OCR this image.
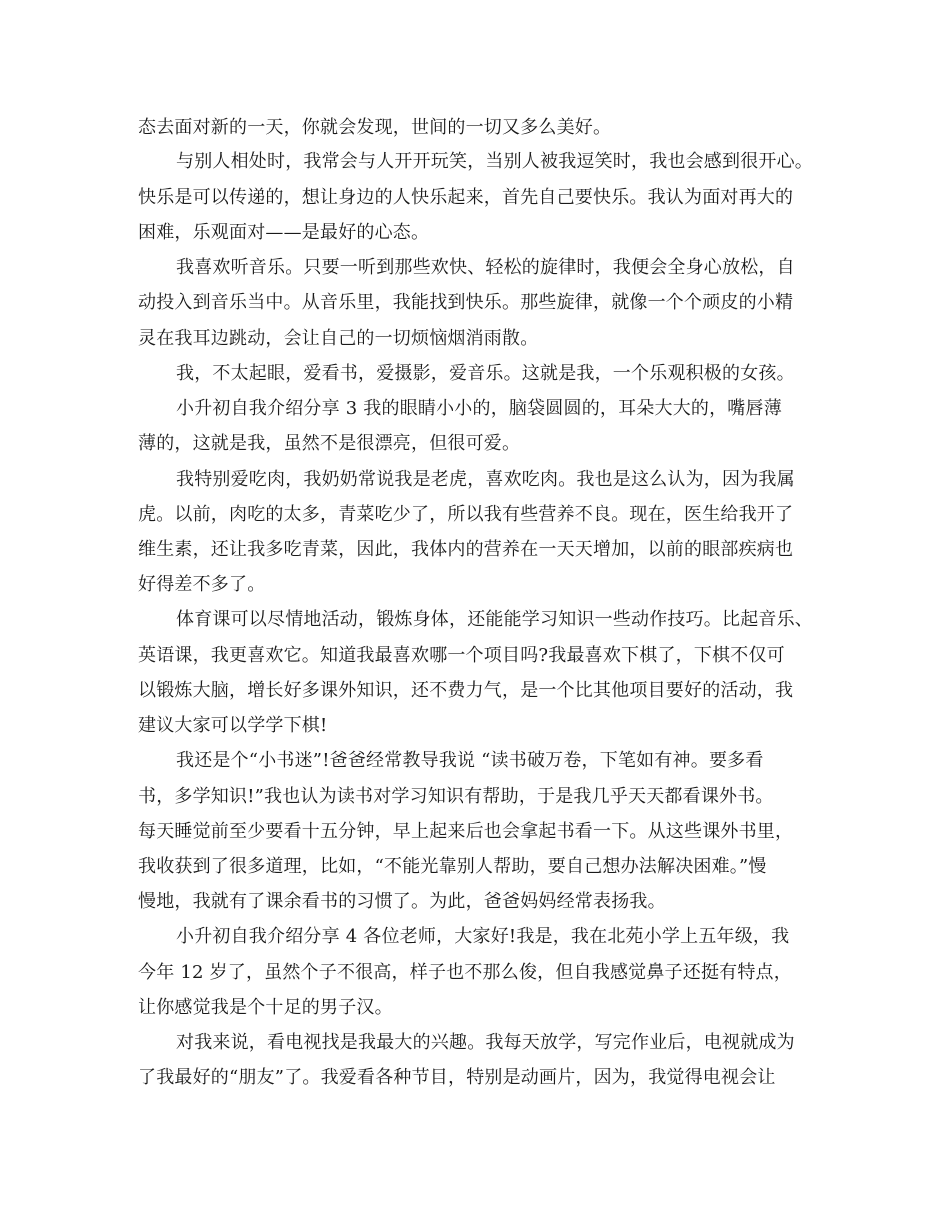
态去面对新的一天，你就会发现，世间的一切又多么美好。
与别人相处时，我常会与人开开玩笑，当别人被我逗笑时，我也会感到很开心。
快乐是可以传递的，想让身边的人快乐起来，首先自己要快乐。我认为面对再大的
困难，乐观面对——是最好的心态。
我喜欢听音乐。只要一听到那些欢快、轻松的旋律时，我便会全身心放松，自
动投入到音乐当中。从音乐里，我能找到快乐。那些旋律，就像一个个顽皮的小精
灵在我耳边跳动，会让自己的一切烦恼烟消雨散。
我，不太起眼，爱看书，爱摄影，爱音乐。这就是我，一个乐观积极的女孩。
小升初自我介绍分享 3 我的眼睛小小的，脑袋圆圆的，耳朵大大的，嘴唇薄
薄的，这就是我，虽然不是很漂亮，但很可爱。
我特别爱吃肉，我奶奶常说我是老虎，喜欢吃肉。我也是这么认为，因为我属
虎。以前，肉吃的太多，青菜吃少了，所以我有些营养不良。现在，医生给我开了
维生素，还让我多吃青菜，因此，我体内的营养在一天天增加，以前的眼部疾病也
好得差不多了。
体育课可以尽情地活动，锻炼身体，还能能学习知识一些动作技巧。比起音乐、
英语课，我更喜欢它。知道我最喜欢哪一个项目吗?我最喜欢下棋了，下棋不仅可
以锻炼大脑，增长好多课外知识，还不费力气，是一个比其他项目要好的活动，我
建议大家可以学学下棋!
我还是个“小书迷”!爸爸经常教导我说 “读书破万卷，下笔如有神。要多看
书，多学知识!”我也认为读书对学习知识有帮助，于是我几乎天天都看课外书。
每天睡觉前至少要看十五分钟，早上起来后也会拿起书看一下。从这些课外书里，
我收获到了很多道理，比如，“不能光靠别人帮助，要自己想办法解决困难。”慢
慢地，我就有了课余看书的习惯了。为此，爸爸妈妈经常表扬我。
小升初自我介绍分享 4 各位老师，大家好!我是，我在北苑小学上五年级，我
今年 12 岁了，虽然个子不很高，样子也不那么俊，但自我感觉鼻子还挺有特点，
让你感觉我是个十足的男子汉。
对我来说，看电视找是我最大的兴趣。我每天放学，写完作业后，电视就成为
了我最好的“朋友”了。我爱看各种节目，特别是动画片，因为，我觉得电视会让
